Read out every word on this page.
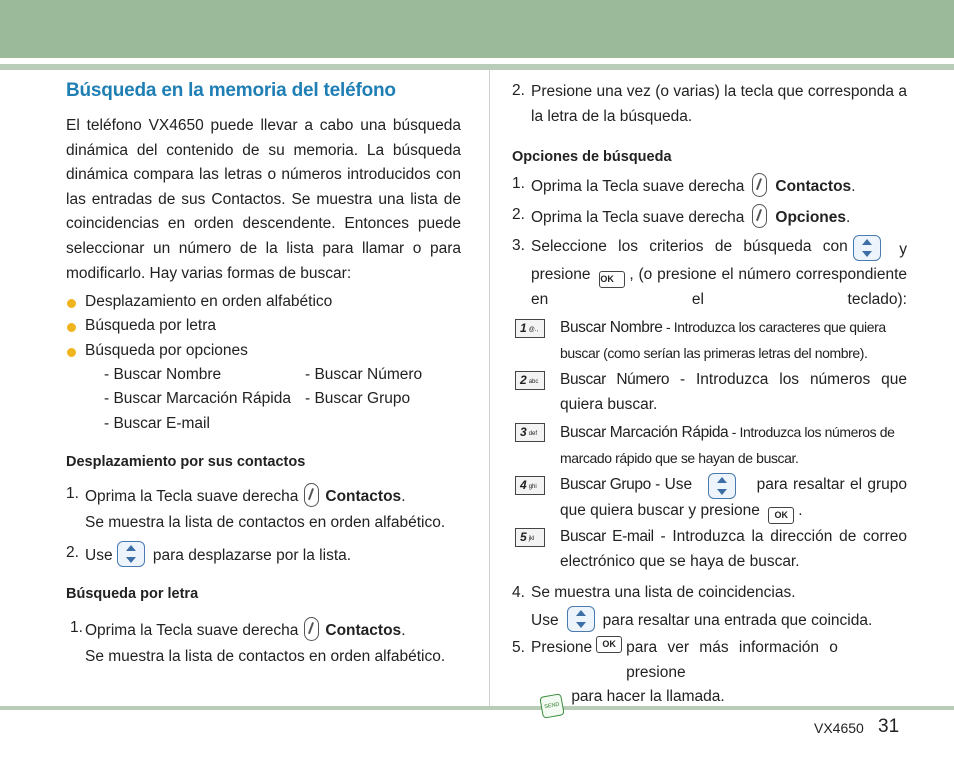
Búsqueda en la memoria del teléfono
El teléfono VX4650 puede llevar a cabo una búsqueda dinámica del contenido de su memoria. La búsqueda dinámica compara las letras o números introducidos con las entradas de sus Contactos. Se muestra una lista de coincidencias en orden descendente. Entonces puede seleccionar un número de la lista para llamar o para modificarlo. Hay varias formas de buscar:
Desplazamiento en orden alfabético
Búsqueda por letra
Búsqueda por opciones
- Buscar Nombre	- Buscar Número
- Buscar Marcación Rápida - Buscar Grupo
- Buscar E-mail
Desplazamiento por sus contactos
1. Oprima la Tecla suave derecha Contactos.
Se muestra la lista de contactos en orden alfabético.
2. Use	para desplazarse por la lista.
Búsqueda por letra
1. Oprima la Tecla suave derecha Contactos.
Se muestra la lista de contactos en orden alfabético.
2. Presione una vez (o varias) la tecla que corresponda a la letra de la búsqueda.
Opciones de búsqueda
1. Oprima la Tecla suave derecha Contactos.
2. Oprima la Tecla suave derecha Opciones.
3. Seleccione los criterios de búsqueda con	y
presione OK , (o presione el número correspondiente en el teclado):
1 @.,	Buscar Nombre - Introduzca los caracteres que quiera buscar (como serían las primeras letras del nombre).
2 abc	Buscar Número - Introduzca los números que quiera buscar.
3 def	Buscar Marcación Rápida - Introduzca los números de marcado rápido que se hayan de buscar.
4 ghi	Buscar Grupo - Use	para resaltar el grupo
que quiera buscar y presione OK .
5 jkl	Buscar E-mail - Introduzca la dirección de correo electrónico que se haya de buscar.
4. Se muestra una lista de coincidencias.
Use	para resaltar una entrada que coincida.
5. Presione	OK para ver más información o presione
SEND para hacer la llamada.
VX4650 31
